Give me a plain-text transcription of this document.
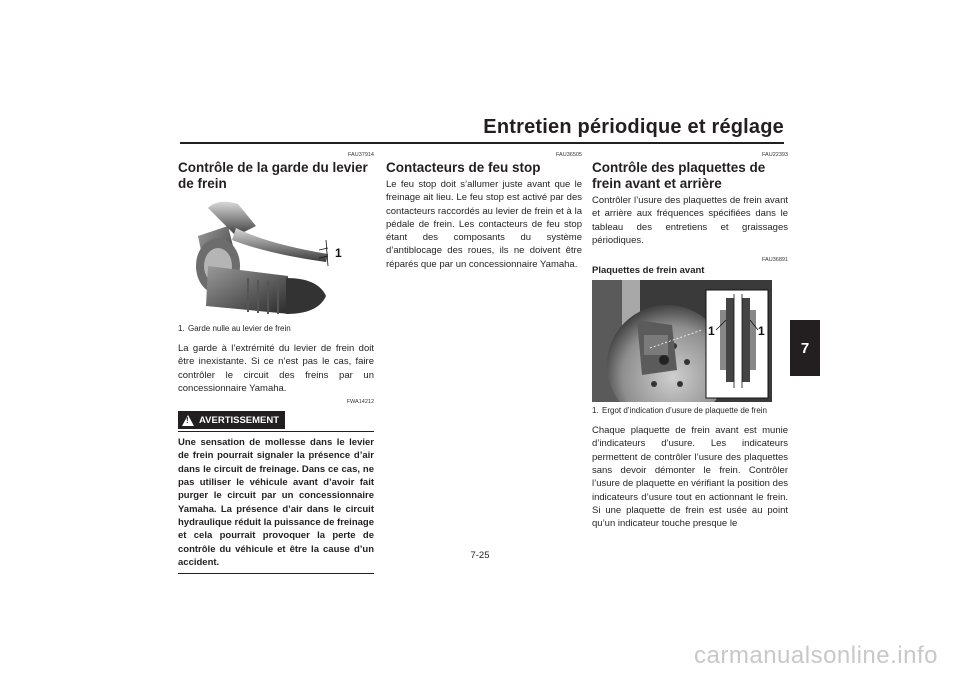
Entretien périodique et réglage
7
FAU37914
Contrôle de la garde du levier de frein
1
1. Garde nulle au levier de frein

La garde à l’extrémité du levier de frein doit être inexistante. Si ce n’est pas le cas, faire contrôler le circuit des freins par un concessionnaire Yamaha.

FWA14212
!
AVERTISSEMENT

Une sensation de mollesse dans le levier de frein pourrait signaler la présence d’air dans le circuit de freinage. Dans ce cas, ne pas utiliser le véhicule avant d’avoir fait purger le circuit par un concessionnaire Yamaha. La présence d’air dans le circuit hydraulique réduit la puissance de freinage et cela pourrait provoquer la perte de contrôle du véhicule et être la cause d’un accident.

FAU36505
Contacteurs de feu stop

Le feu stop doit s’allumer juste avant que le freinage ait lieu. Le feu stop est activé par des contacteurs raccordés au levier de frein et à la pédale de frein. Les contacteurs de feu stop étant des composants du système d’antiblocage des roues, ils ne doivent être réparés que par un concessionnaire Yamaha.

FAU22393
Contrôle des plaquettes de frein avant et arrière

Contrôler l’usure des plaquettes de frein avant et arrière aux fréquences spécifiées dans le tableau des entretiens et graissages périodiques.

FAU36891
Plaquettes de frein avant
1	1
1. Ergot d’indication d’usure de plaquette de frein

Chaque plaquette de frein avant est munie d’indicateurs d’usure. Les indicateurs permettent de contrôler l’usure des plaquettes sans devoir démonter le frein. Contrôler l’usure de plaquette en vérifiant la position des indicateurs d’usure tout en actionnant le frein. Si une plaquette de frein est usée au point qu’un indicateur touche presque le

7-25
carmanualsonline.info
